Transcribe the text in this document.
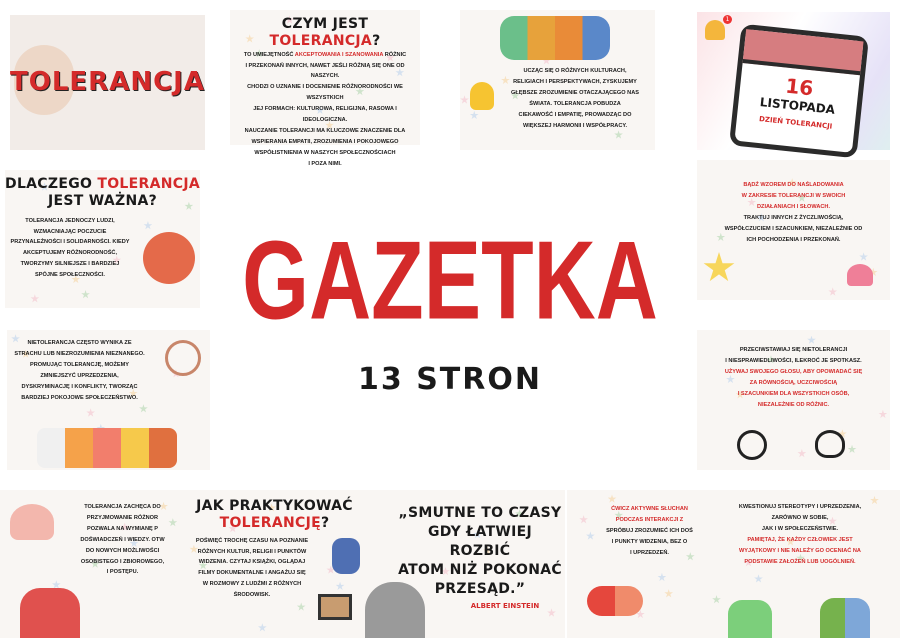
GAZETKA
13 STRON
1
16
LISTOPADA
DZIEŃ TOLERANCJI
TOLERANCJA
CZYM JEST TOLERANCJA?
TO UMIEJĘTNOŚĆ AKCEPTOWANIA I SZANOWANIA RÓŻNIC
I PRZEKONAŃ INNYCH, NAWET JEŚLI RÓŻNIĄ SIĘ ONE OD NASZYCH.
CHODZI O UZNANIE I DOCENIENIE RÓŻNORODNOŚCI WE WSZYSTKICH
JEJ FORMACH: KULTUROWA, RELIGIJNA, RASOWA I IDEOLOGICZNA.
NAUCZANIE TOLERANCJI MA KLUCZOWE ZNACZENIE DLA
WSPIERANIA EMPATII, ZROZUMIENIA I POKOJOWEGO
WSPÓŁISTNIENIA W NASZYCH SPOŁECZNOŚCIACH
I POZA NIMI.
UCZĄC SIĘ O RÓŻNYCH KULTURACH,
RELIGIACH I PERSPEKTYWACH, ZYSKUJEMY
GŁĘBSZE ZROZUMIENIE OTACZAJĄCEGO NAS
ŚWIATA. TOLERANCJA POBUDZA
CIEKAWOŚĆ I EMPATIĘ, PROWADZĄC DO
WIĘKSZEJ HARMONII I WSPÓŁPRACY.
DLACZEGO TOLERANCJA
JEST WAŻNA?
TOLERANCJA JEDNOCZY LUDZI,
WZMACNIAJĄC POCZUCIE
PRZYNALEŻNOŚCI I SOLIDARNOŚCI. KIEDY
AKCEPTUJEMY RÓŻNORODNOŚĆ,
TWORZYMY SILNIEJSZE I BARDZIEJ
SPÓJNE SPOŁECZNOŚCI.
BĄDŹ WZOREM DO NAŚLADOWANIA
W ZAKRESIE TOLERANCJI W SWOICH
DZIAŁANIACH I SŁOWACH.
TRAKTUJ INNYCH Z ŻYCZLIWOŚCIĄ,
WSPÓŁCZUCIEM I SZACUNKIEM, NIEZALEŻNIE OD
ICH POCHODZENIA I PRZEKONAŃ.
NIETOLERANCJA CZĘSTO WYNIKA ZE
STRACHU LUB NIEZROZUMIENIA NIEZNANEGO.
PROMUJĄC TOLERANCJĘ, MOŻEMY
ZMNIEJSZYĆ UPRZEDZENIA,
DYSKRYMINACJĘ I KONFLIKTY, TWORZĄC
BARDZIEJ POKOJOWE SPOŁECZEŃSTWO.
PRZECIWSTAWIAJ SIĘ NIETOLERANCJI
I NIESPRAWIEDLIWOŚCI, ILEKROĆ JE SPOTKASZ.
UŻYWAJ SWOJEGO GŁOSU, ABY OPOWIADAĆ SIĘ
ZA RÓWNOŚCIĄ, UCZCIWOŚCIĄ
I SZACUNKIEM DLA WSZYSTKICH OSÓB,
NIEZALEŻNIE OD RÓŻNIC.
TOLERANCJA ZACHĘCA DO
PRZYJMOWANIE RÓŻNOR
POZWALA NA WYMIANĘ P
DOŚWIADCZEŃ I WIEDZY. OTW
DO NOWYCH MOŻLIWOŚCI
OSOBISTEGO I ZBIOROWEGO,
I POSTĘPU.
JAK PRAKTYKOWAĆ
TOLERANCJĘ?
POŚWIĘĆ TROCHĘ CZASU NA POZNANIE
RÓŻNYCH KULTUR, RELIGII I PUNKTÓW
WIDZENIA. CZYTAJ KSIĄŻKI, OGLĄDAJ
FILMY DOKUMENTALNE I ANGAŻUJ SIĘ
W ROZMOWY Z LUDŹMI Z RÓŻNYCH
ŚRODOWISK.
„SMUTNE TO CZASY
GDY ŁATWIEJ ROZBIĆ
ATOM NIŻ POKONAĆ
PRZESĄD.”
ALBERT EINSTEIN
ĆWICZ AKTYWNE SŁUCHAN
PODCZAS INTERAKCJI Z
SPRÓBUJ ZROZUMIEĆ ICH DOŚ
I PUNKTY WIDZENIA, BEZ O
I UPRZEDZEŃ.
KWESTIONUJ STEREOTYPY I UPRZEDZENIA,
ZARÓWNO W SOBIE,
JAK I W SPOŁECZEŃSTWIE.
PAMIĘTAJ, ŻE KAŻDY CZŁOWIEK JEST
WYJĄTKOWY I NIE NALEŻY GO OCENIAĆ NA
PODSTAWIE ZAŁOŻEŃ LUB UOGÓLNIEŃ.
